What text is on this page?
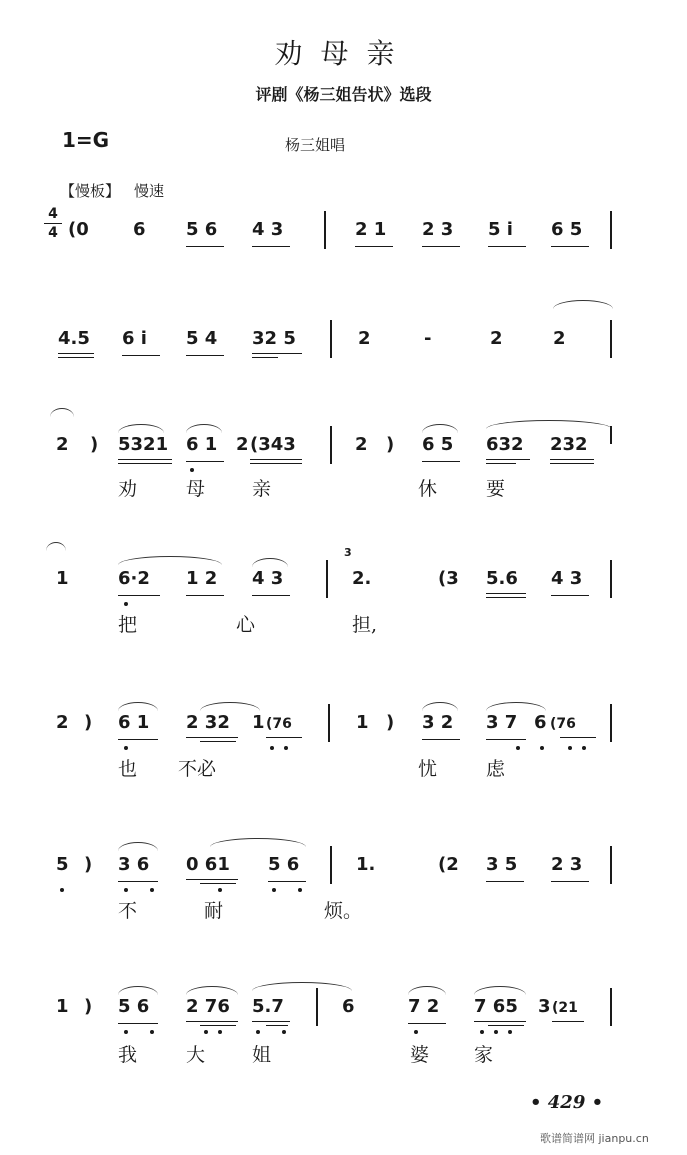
劝母亲
评剧《杨三姐告状》选段
1=G	杨三姐唱
【慢板】 慢速
4
4 (0 6 5 6 4 3	2 1 2 3 5 i 6 5
4.5 6 i 5 4 32 5	2	-	2	2
2 ) 5321 6 1 2 (343	2 ) 6 5 632 232
劝	母 亲	休	要
1	6·2 1 2 4 3
3
2.	(3 5.6 4 3
把	心	担,
2 ) 6 1 2 32 1 (76	1 ) 3 2 3 7 6 (76
也 不必	忧	虑
5 ) 3 6 0 61 5 6	1.	(2 3 5 2 3
不	耐	烦。
1 ) 5 6 2 76 5.7	6	7 2 7 65 3 (21
我	大 姐	婆 家
• 429 •
歌谱简谱网 jianpu.cn
